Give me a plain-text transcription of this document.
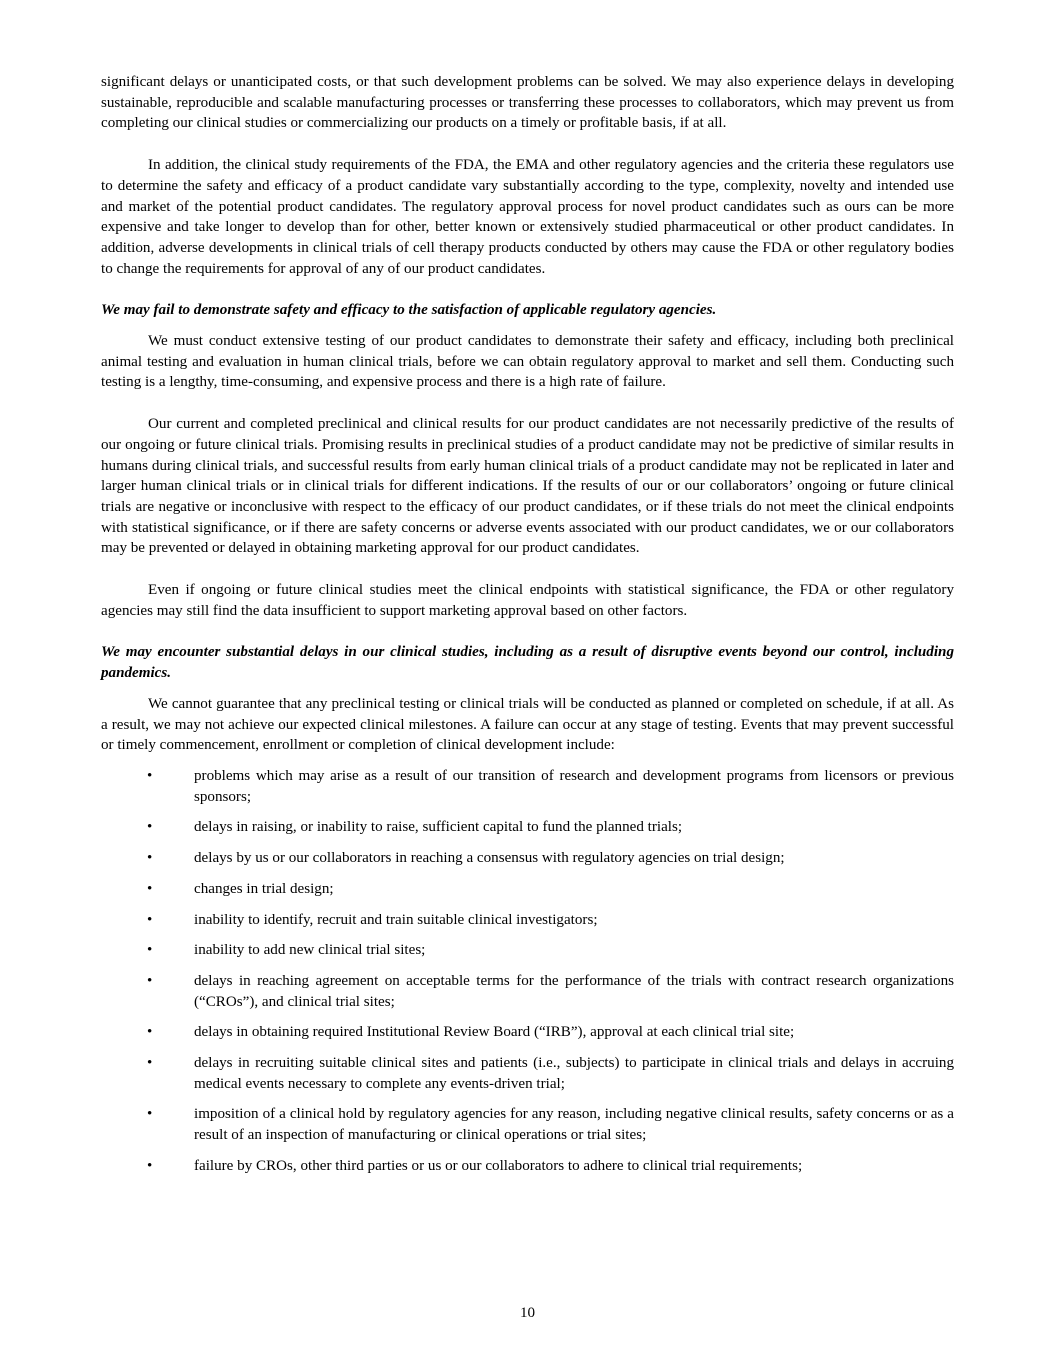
significant delays or unanticipated costs, or that such development problems can be solved. We may also experience delays in developing sustainable, reproducible and scalable manufacturing processes or transferring these processes to collaborators, which may prevent us from completing our clinical studies or commercializing our products on a timely or profitable basis, if at all.

In addition, the clinical study requirements of the FDA, the EMA and other regulatory agencies and the criteria these regulators use to determine the safety and efficacy of a product candidate vary substantially according to the type, complexity, novelty and intended use and market of the potential product candidates. The regulatory approval process for novel product candidates such as ours can be more expensive and take longer to develop than for other, better known or extensively studied pharmaceutical or other product candidates. In addition, adverse developments in clinical trials of cell therapy products conducted by others may cause the FDA or other regulatory bodies to change the requirements for approval of any of our product candidates.

We may fail to demonstrate safety and efficacy to the satisfaction of applicable regulatory agencies.

We must conduct extensive testing of our product candidates to demonstrate their safety and efficacy, including both preclinical animal testing and evaluation in human clinical trials, before we can obtain regulatory approval to market and sell them. Conducting such testing is a lengthy, time-consuming, and expensive process and there is a high rate of failure.

Our current and completed preclinical and clinical results for our product candidates are not necessarily predictive of the results of our ongoing or future clinical trials. Promising results in preclinical studies of a product candidate may not be predictive of similar results in humans during clinical trials, and successful results from early human clinical trials of a product candidate may not be replicated in later and larger human clinical trials or in clinical trials for different indications. If the results of our or our collaborators’ ongoing or future clinical trials are negative or inconclusive with respect to the efficacy of our product candidates, or if these trials do not meet the clinical endpoints with statistical significance, or if there are safety concerns or adverse events associated with our product candidates, we or our collaborators may be prevented or delayed in obtaining marketing approval for our product candidates.

Even if ongoing or future clinical studies meet the clinical endpoints with statistical significance, the FDA or other regulatory agencies may still find the data insufficient to support marketing approval based on other factors.

We may encounter substantial delays in our clinical studies, including as a result of disruptive events beyond our control, including pandemics.

We cannot guarantee that any preclinical testing or clinical trials will be conducted as planned or completed on schedule, if at all. As a result, we may not achieve our expected clinical milestones. A failure can occur at any stage of testing. Events that may prevent successful or timely commencement, enrollment or completion of clinical development include:

•	problems which may arise as a result of our transition of research and development programs from licensors or previous sponsors;
•	delays in raising, or inability to raise, sufficient capital to fund the planned trials;
•	delays by us or our collaborators in reaching a consensus with regulatory agencies on trial design;
•	changes in trial design;
•	inability to identify, recruit and train suitable clinical investigators;
•	inability to add new clinical trial sites;
•	delays in reaching agreement on acceptable terms for the performance of the trials with contract research organizations (“CROs”), and clinical trial sites;
•	delays in obtaining required Institutional Review Board (“IRB”), approval at each clinical trial site;
•	delays in recruiting suitable clinical sites and patients (i.e., subjects) to participate in clinical trials and delays in accruing medical events necessary to complete any events-driven trial;
•	imposition of a clinical hold by regulatory agencies for any reason, including negative clinical results, safety concerns or as a result of an inspection of manufacturing or clinical operations or trial sites;
•	failure by CROs, other third parties or us or our collaborators to adhere to clinical trial requirements;
10
